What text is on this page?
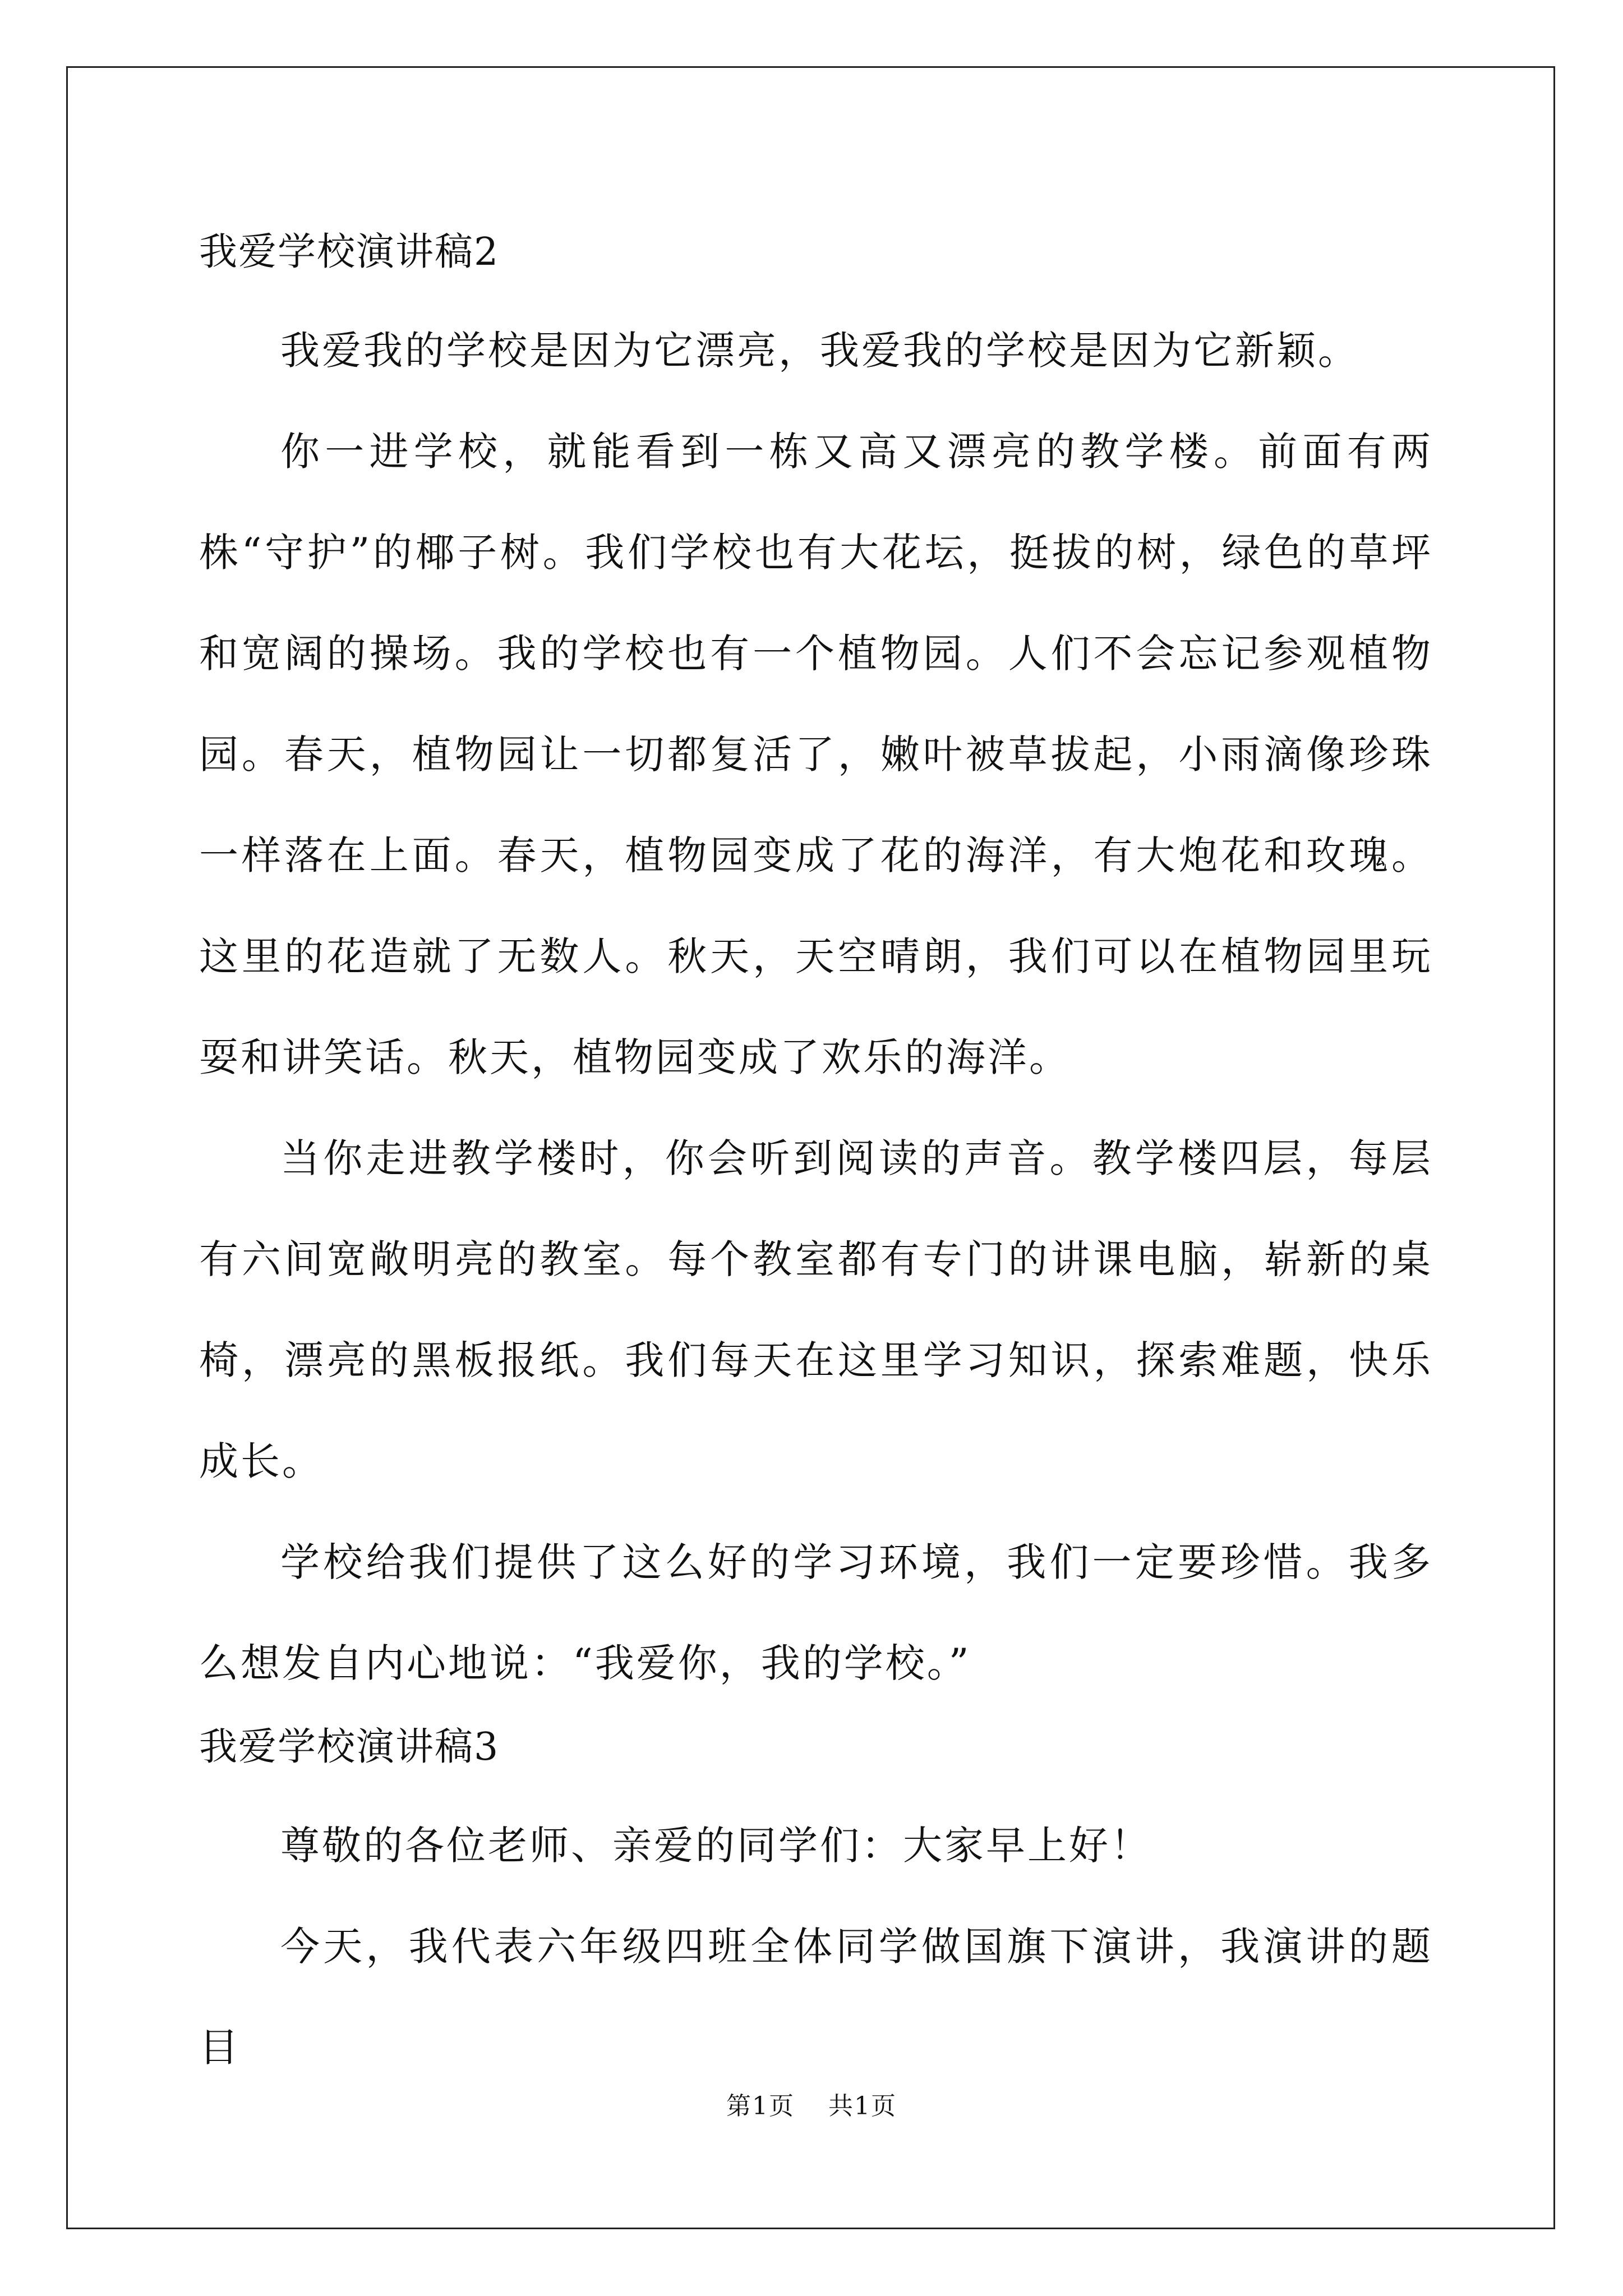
我爱学校演讲稿2

我爱我的学校是因为它漂亮，我爱我的学校是因为它新颖。

你一进学校，就能看到一栋又高又漂亮的教学楼。前面有两株“守护”的椰子树。我们学校也有大花坛，挺拔的树，绿色的草坪和宽阔的操场。我的学校也有一个植物园。人们不会忘记参观植物园。春天，植物园让一切都复活了，嫩叶被草拔起，小雨滴像珍珠一样落在上面。春天，植物园变成了花的海洋，有大炮花和玫瑰。这里的花造就了无数人。秋天，天空晴朗，我们可以在植物园里玩耍和讲笑话。秋天，植物园变成了欢乐的海洋。

当你走进教学楼时，你会听到阅读的声音。教学楼四层，每层有六间宽敞明亮的教室。每个教室都有专门的讲课电脑，崭新的桌椅，漂亮的黑板报纸。我们每天在这里学习知识，探索难题，快乐成长。

学校给我们提供了这么好的学习环境，我们一定要珍惜。我多么想发自内心地说：“我爱你，我的学校。”

我爱学校演讲稿3

尊敬的各位老师、亲爱的同学们：大家早上好！

今天，我代表六年级四班全体同学做国旗下演讲，我演讲的题目

第1页 共1页
